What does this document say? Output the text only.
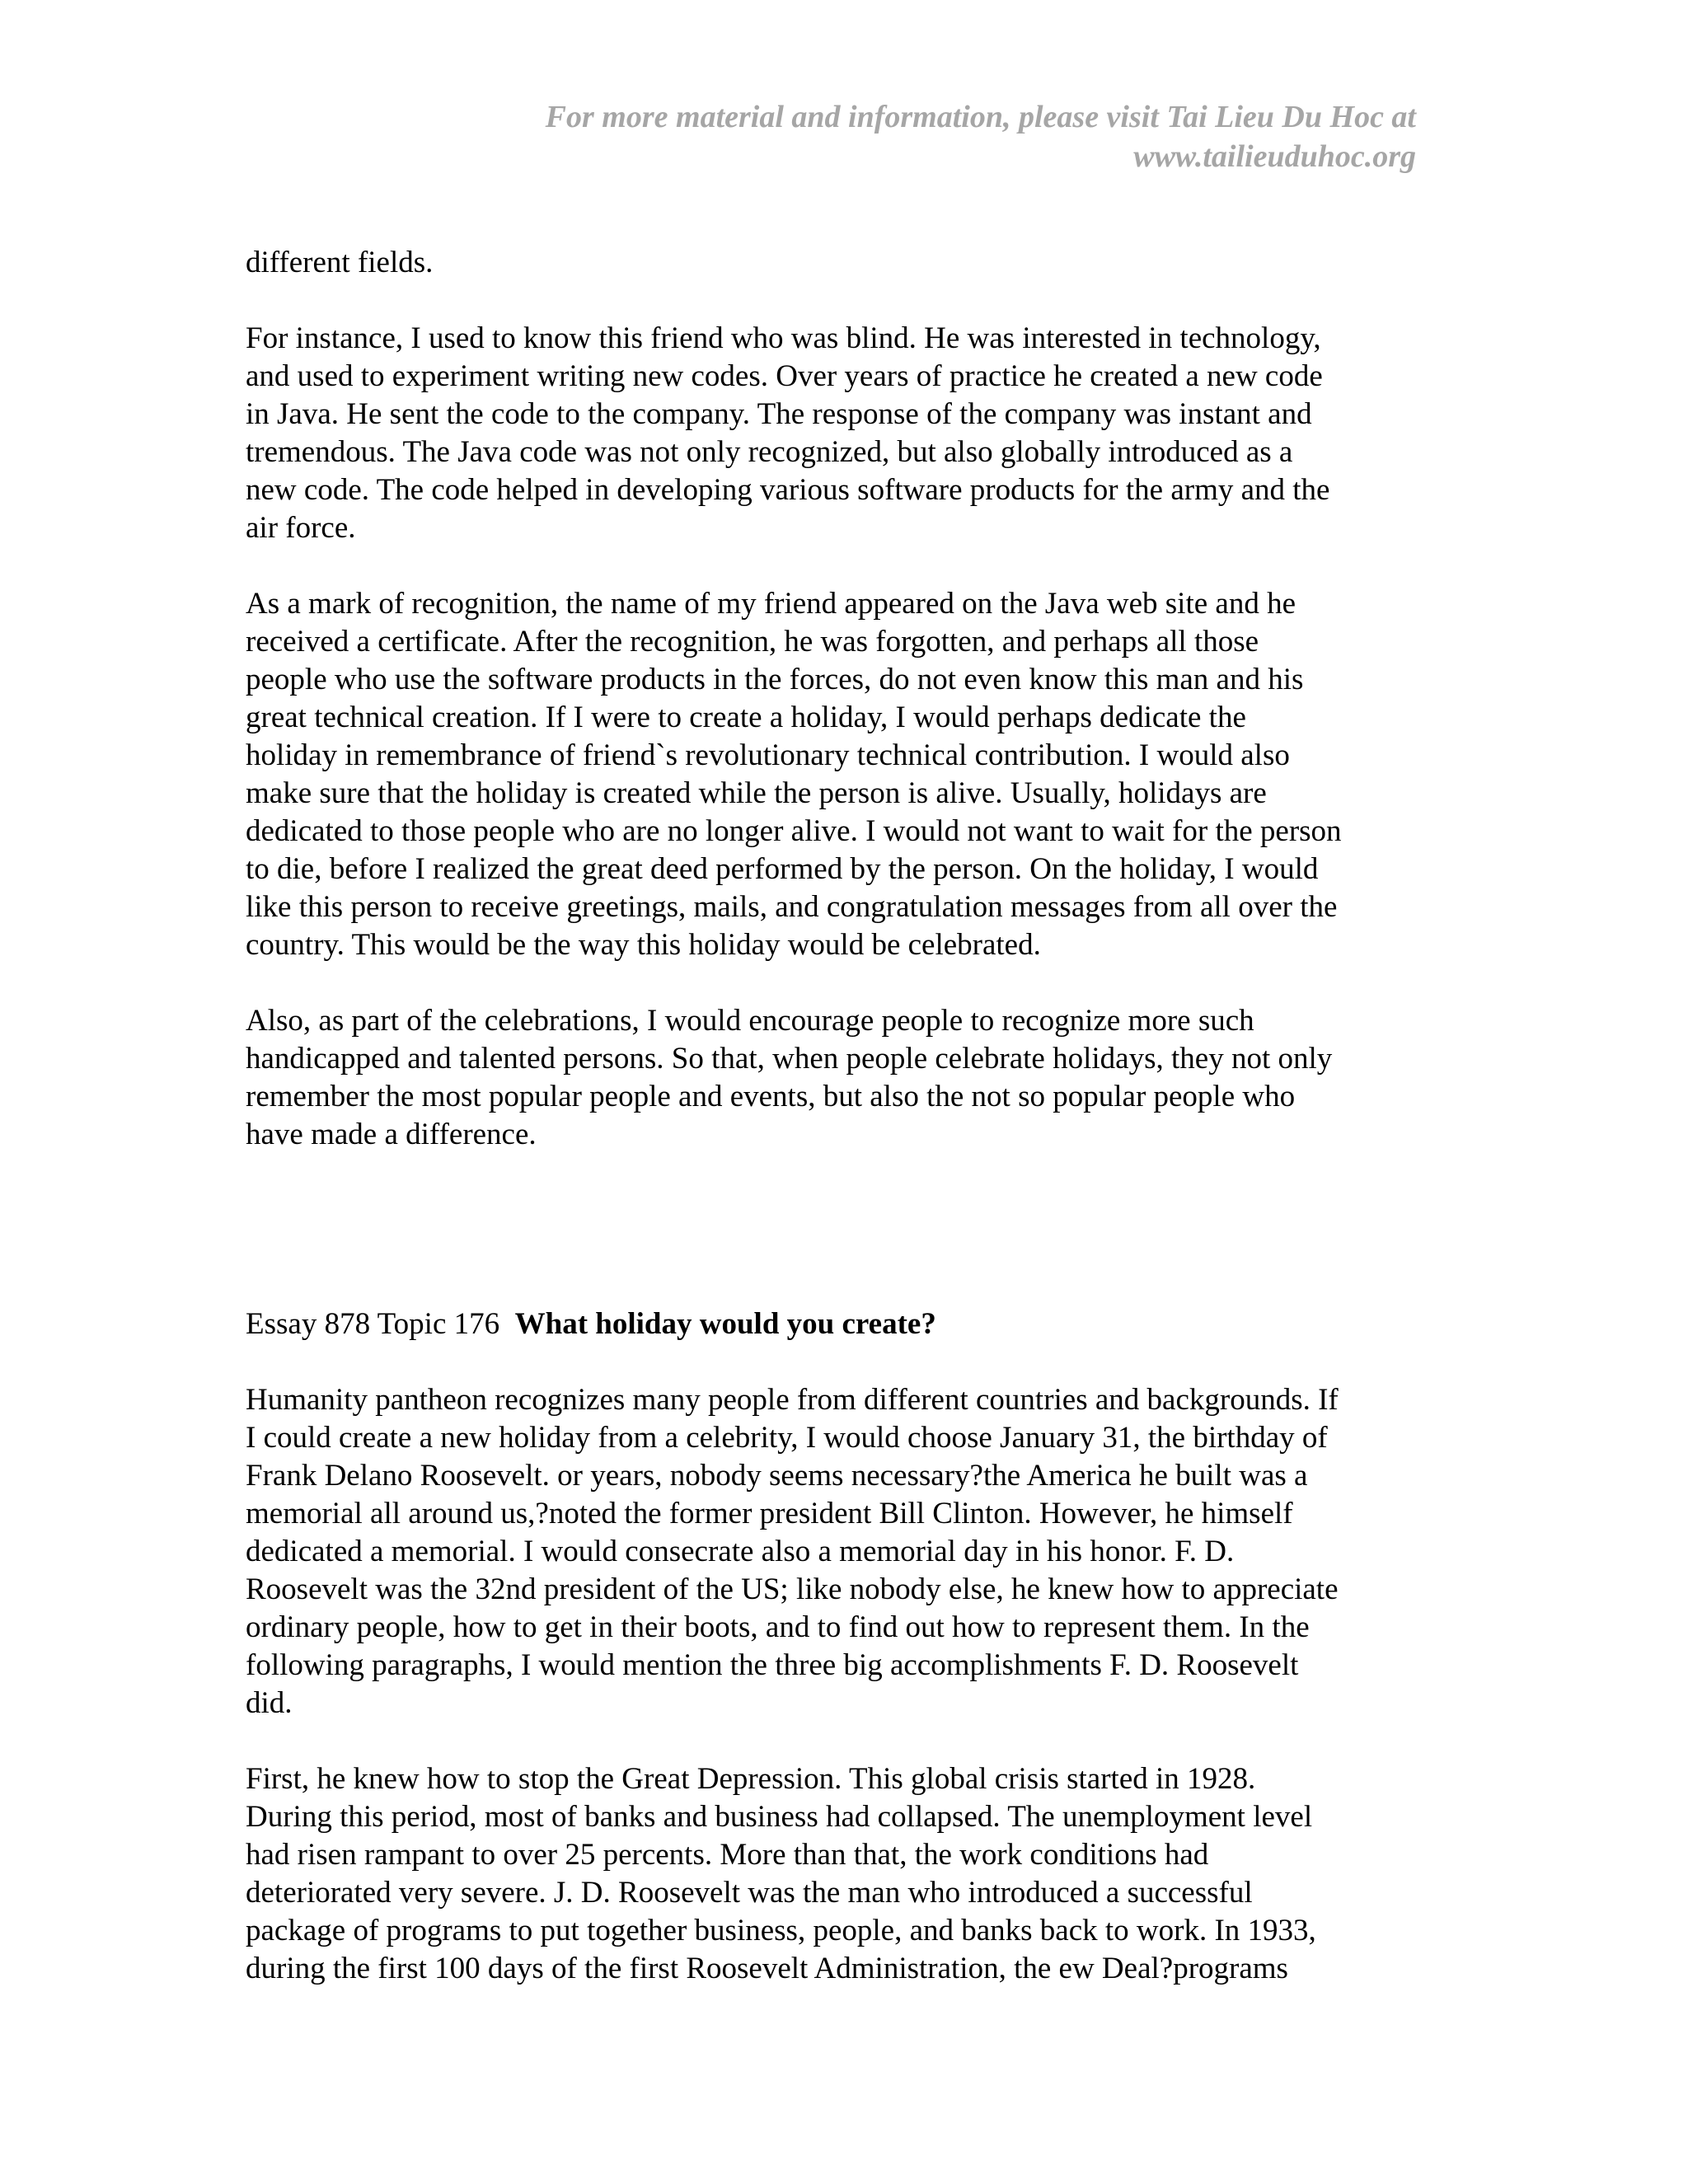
For more material and information, please visit Tai Lieu Du Hoc at
www.tailieuduhoc.org

different fields.

For instance, I used to know this friend who was blind. He was interested in technology,
and used to experiment writing new codes. Over years of practice he created a new code
in Java. He sent the code to the company. The response of the company was instant and
tremendous. The Java code was not only recognized, but also globally introduced as a
new code. The code helped in developing various software products for the army and the
air force.

As a mark of recognition, the name of my friend appeared on the Java web site and he
received a certificate. After the recognition, he was forgotten, and perhaps all those
people who use the software products in the forces, do not even know this man and his
great technical creation. If I were to create a holiday, I would perhaps dedicate the
holiday in remembrance of friend`s revolutionary technical contribution. I would also
make sure that the holiday is created while the person is alive. Usually, holidays are
dedicated to those people who are no longer alive. I would not want to wait for the person
to die, before I realized the great deed performed by the person. On the holiday, I would
like this person to receive greetings, mails, and congratulation messages from all over the
country. This would be the way this holiday would be celebrated.

Also, as part of the celebrations, I would encourage people to recognize more such
handicapped and talented persons. So that, when people celebrate holidays, they not only
remember the most popular people and events, but also the not so popular people who
have made a difference.

Essay 878 Topic 176 What holiday would you create?

Humanity pantheon recognizes many people from different countries and backgrounds. If
I could create a new holiday from a celebrity, I would choose January 31, the birthday of
Frank Delano Roosevelt. or years, nobody seems necessary?the America he built was a
memorial all around us,?noted the former president Bill Clinton. However, he himself
dedicated a memorial. I would consecrate also a memorial day in his honor. F. D.
Roosevelt was the 32nd president of the US; like nobody else, he knew how to appreciate
ordinary people, how to get in their boots, and to find out how to represent them. In the
following paragraphs, I would mention the three big accomplishments F. D. Roosevelt
did.

First, he knew how to stop the Great Depression. This global crisis started in 1928.
During this period, most of banks and business had collapsed. The unemployment level
had risen rampant to over 25 percents. More than that, the work conditions had
deteriorated very severe. J. D. Roosevelt was the man who introduced a successful
package of programs to put together business, people, and banks back to work. In 1933,
during the first 100 days of the first Roosevelt Administration, the ew Deal?programs
